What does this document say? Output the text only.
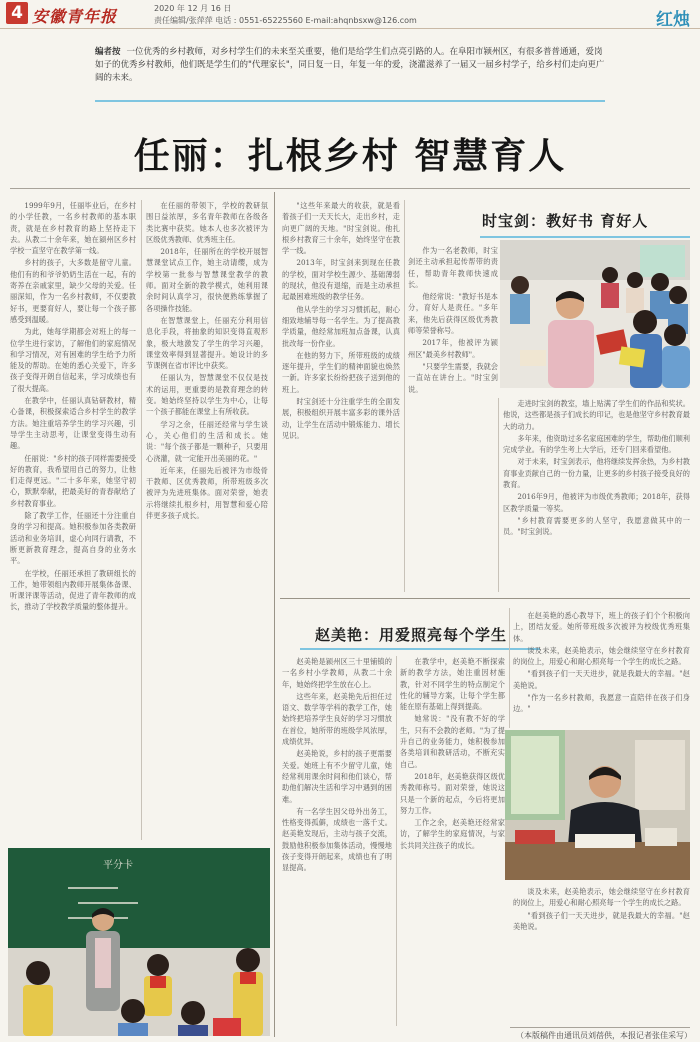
4 安徽青年报	2020 年 12 月 16 日
责任编辑/张萍萍 电话 : 0551-65225560 E-mail:ahqnbsxw@126.com	红烛
编者按 一位优秀的乡村教师，对乡村学生们的未来至关重要，他们是给学生们点亮引路的人。在阜阳市颍州区，有很多普普通通，爱岗如子的优秀乡村教师，他们既是学生们的"代理家长"，同日复一日，年复一年的爱，浇灌滋养了一届又一届乡村学子，给乡村们走向更广阔的未来。
任丽：扎根乡村 智慧育人

1999年9月，任丽毕业后，在乡村的小学任教，一名乡村教师的基本职责，就是在乡村教育的路上坚持走下去。从教二十余年来，她在颍州区乡村学校一直坚守在教学第一线。

乡村的孩子，大多数是留守儿童。他们有的和爷爷奶奶生活在一起，有的寄养在亲戚家里，缺少父母的关爱。任丽深知，作为一名乡村教师，不仅要教好书，更要育好人，要让每一个孩子都感受到温暖。

为此，她每学期都会对班上的每一位学生进行家访，了解他们的家庭情况和学习情况，对有困难的学生给予力所能及的帮助。在她的悉心关爱下，许多孩子变得开朗自信起来，学习成绩也有了很大提高。

在教学中，任丽认真钻研教材，精心备课，积极探索适合乡村学生的教学方法。她注重培养学生的学习兴趣，引导学生主动思考，让课堂变得生动有趣。

任丽说："乡村的孩子同样需要接受好的教育，我希望用自己的努力，让他们走得更远。"二十多年来，她坚守初心，默默奉献，把最美好的青春献给了乡村教育事业。

除了教学工作，任丽还十分注重自身的学习和提高。她积极参加各类教研活动和业务培训，虚心向同行请教，不断更新教育理念，提高自身的业务水平。

在学校，任丽还承担了教研组长的工作，她带领组内教师开展集体备课、听课评课等活动，促进了青年教师的成长，推动了学校教学质量的整体提升。

在任丽的带领下，学校的教研氛围日益浓厚，多名青年教师在各级各类比赛中获奖。她本人也多次被评为区级优秀教师、优秀班主任。

2018年，任丽所在的学校开展智慧课堂试点工作，她主动请缨，成为学校第一批参与智慧课堂教学的教师。面对全新的教学模式，她利用课余时间认真学习，很快便熟练掌握了各项操作技能。

在智慧课堂上，任丽充分利用信息化手段，将抽象的知识变得直观形象，极大地激发了学生的学习兴趣，课堂效率得到显著提升。她设计的多节课例在省市评比中获奖。

任丽认为，智慧课堂不仅仅是技术的运用，更重要的是教育理念的转变。她始终坚持以学生为中心，让每一个孩子都能在课堂上有所收获。

学习之余，任丽还经常与学生谈心，关心他们的生活和成长。她说："每个孩子都是一颗种子，只要用心浇灌，就一定能开出美丽的花。"

近年来，任丽先后被评为市级骨干教师、区优秀教师，所带班级多次被评为先进班集体。面对荣誉，她表示将继续扎根乡村，用智慧和爱心陪伴更多孩子成长。

时宝剑：教好书 育好人

"这些年来最大的收获，就是看着孩子们一天天长大，走出乡村，走向更广阔的天地。"时宝剑说。他扎根乡村教育三十余年，始终坚守在教学一线。

2013年，时宝剑来到现在任教的学校，面对学校生源少、基础薄弱的现状，他没有退缩，而是主动承担起最困难班级的教学任务。

他从学生的学习习惯抓起，耐心细致地辅导每一名学生。为了提高教学质量，他经常加班加点备课，认真批改每一份作业。

在他的努力下，所带班级的成绩逐年提升，学生们的精神面貌也焕然一新。许多家长纷纷把孩子送到他的班上。

时宝剑还十分注重学生的全面发展，积极组织开展丰富多彩的课外活动，让学生在活动中锻炼能力、增长见识。

作为一名老教师，时宝剑还主动承担起传帮带的责任，帮助青年教师快速成长。

他经常说："教好书是本分，育好人是责任。"多年来，他先后获得区级优秀教师等荣誉称号。

2017年，他被评为颍州区"最美乡村教师"。

"只要学生需要，我就会一直站在讲台上。"时宝剑说。

走进时宝剑的教室，墙上贴满了学生们的作品和奖状。他说，这些都是孩子们成长的印记，也是他坚守乡村教育最大的动力。

多年来，他资助过多名家庭困难的学生，帮助他们顺利完成学业。有的学生考上大学后，还专门回来看望他。

对于未来，时宝剑表示，他将继续发挥余热，为乡村教育事业贡献自己的一份力量，让更多的乡村孩子接受良好的教育。

2016年9月，他被评为市级优秀教师；2018年，获得区教学质量一等奖。

"乡村教育需要更多的人坚守，我愿意做其中的一员。"时宝剑说。

赵美艳：用爱照亮每个学生

赵美艳是颍州区三十里铺镇的一名乡村小学教师，从教二十余年，她始终把学生放在心上。

这些年来，赵美艳先后担任过语文、数学等学科的教学工作，她始终把培养学生良好的学习习惯放在首位，她所带的班级学风浓厚，成绩优异。

赵美艳说，乡村的孩子更需要关爱。她班上有不少留守儿童，她经常利用课余时间和他们谈心，帮助他们解决生活和学习中遇到的困难。

有一名学生因父母外出务工，性格变得孤僻，成绩也一落千丈。赵美艳发现后，主动与孩子交流，鼓励他积极参加集体活动，慢慢地孩子变得开朗起来，成绩也有了明显提高。

在教学中，赵美艳不断探索新的教学方法，她注重因材施教，针对不同学生的特点制定个性化的辅导方案，让每个学生都能在原有基础上得到提高。

她常说："没有教不好的学生，只有不会教的老师。"为了提升自己的业务能力，她积极参加各类培训和教研活动，不断充实自己。

2018年，赵美艳获得区级优秀教师称号。面对荣誉，她说这只是一个新的起点，今后将更加努力工作。

工作之余，赵美艳还经常家访，了解学生的家庭情况，与家长共同关注孩子的成长。

在赵美艳的悉心教导下，班上的孩子们个个积极向上，团结友爱。她所带班级多次被评为校级优秀班集体。

谈及未来，赵美艳表示，她会继续坚守在乡村教育的岗位上，用爱心和耐心照亮每一个学生的成长之路。

"看到孩子们一天天进步，就是我最大的幸福。"赵美艳说。

"作为一名乡村教师，我愿意一直陪伴在孩子们身边。"

谈及未来，赵美艳表示，她会继续坚守在乡村教育的岗位上，用爱心和耐心照亮每一个学生的成长之路。

"看到孩子们一天天进步，就是我最大的幸福。"赵美艳说。

平分卡
（本版稿件由通讯员刘蓓供，本报记者张佳采写）
